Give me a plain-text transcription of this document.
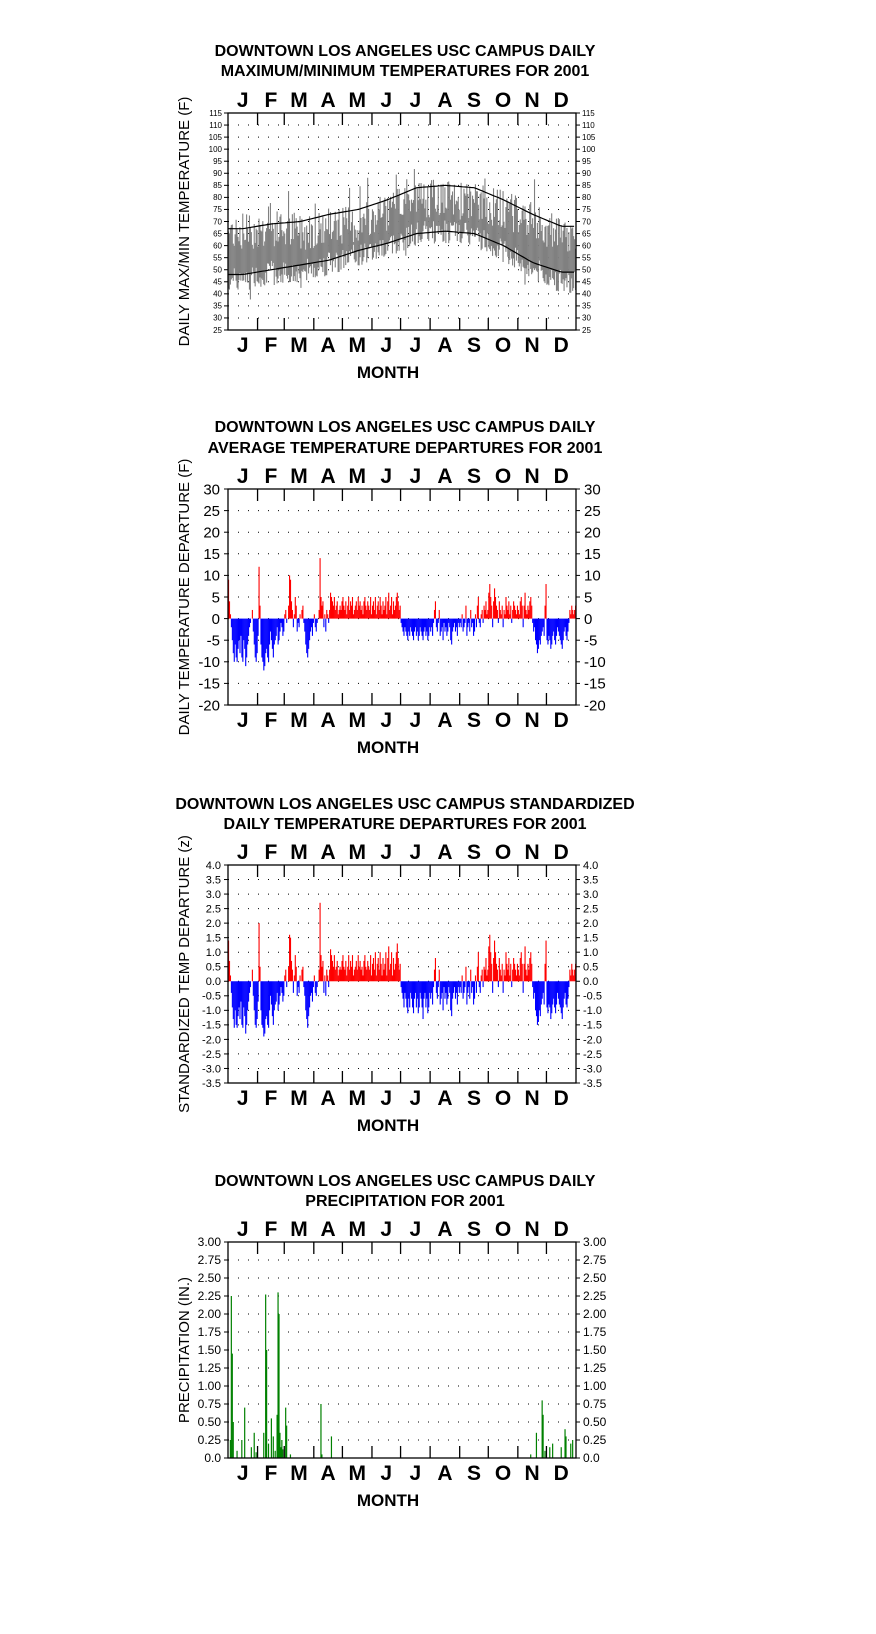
DOWNTOWN LOS ANGELES USC CAMPUS DAILY
MAXIMUM/MINIMUM TEMPERATURES FOR 2001
115	115
110	110
105	105
100	100
95	95
90	90
85	85
80	80
75	75
70	70
65	65
60	60
55	55
50	50
45	45
40	40
35	35
30	30
25	25
J
J
F
F
M
M
A
A
M
M
J
J
J
J
A
A
S
S
O
O
N
N
D
D
MONTH
DAILY MAX/MIN TEMPERATURE (F)
DOWNTOWN LOS ANGELES USC CAMPUS DAILY
AVERAGE TEMPERATURE DEPARTURES FOR 2001
30	30
25	25
20	20
15	15
10	10
5	5
0	0
-5	-5
-10	-10
-15	-15
-20	-20
J
J
F
F
M
M
A
A
M
M
J
J
J
J
A
A
S
S
O
O
N
N
D
D
MONTH
DAILY TEMPERATURE DEPARTURE (F)
DOWNTOWN LOS ANGELES USC CAMPUS STANDARDIZED
DAILY TEMPERATURE DEPARTURES FOR 2001
4.0	4.0
3.5	3.5
3.0	3.0
2.5	2.5
2.0	2.0
1.5	1.5
1.0	1.0
0.5	0.5
0.0	0.0
-0.5	-0.5
-1.0	-1.0
-1.5	-1.5
-2.0	-2.0
-2.5	-2.5
-3.0	-3.0
-3.5	-3.5
J
J
F
F
M
M
A
A
M
M
J
J
J
J
A
A
S
S
O
O
N
N
D
D
MONTH
STANDARDIZED TEMP DEPARTURE (z)
DOWNTOWN LOS ANGELES USC CAMPUS DAILY
PRECIPITATION FOR 2001
3.00	3.00
2.75	2.75
2.50	2.50
2.25	2.25
2.00	2.00
1.75	1.75
1.50	1.50
1.25	1.25
1.00	1.00
0.75	0.75
0.50	0.50
0.25	0.25
0.0	0.0
J
J
F
F
M
M
A
A
M
M
J
J
J
J
A
A
S
S
O
O
N
N
D
D
MONTH
PRECIPITATION (IN.)
